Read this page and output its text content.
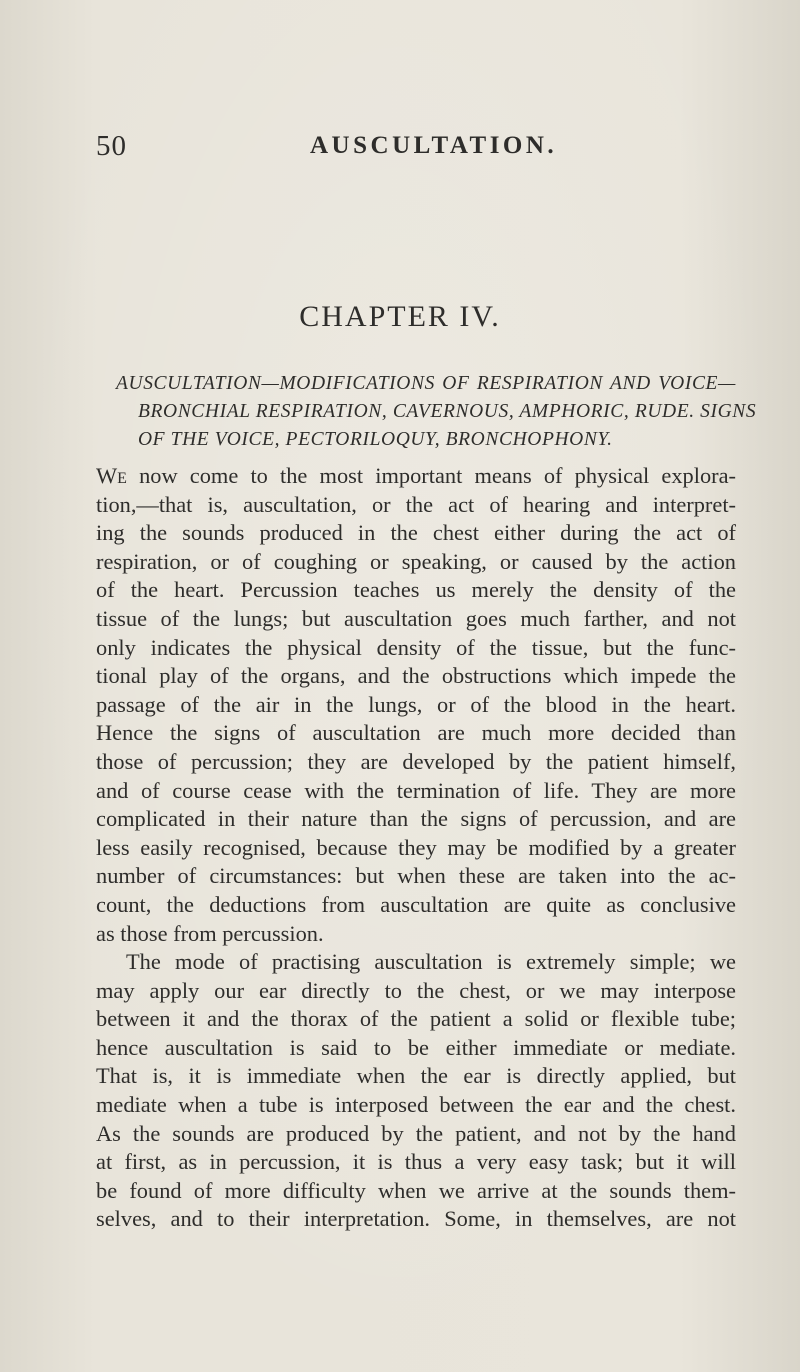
50	AUSCULTATION.
CHAPTER IV.
AUSCULTATION—MODIFICATIONS OF RESPIRATION AND VOICE—
BRONCHIAL RESPIRATION, CAVERNOUS, AMPHORIC, RUDE. SIGNS
OF THE VOICE, PECTORILOQUY, BRONCHOPHONY.
We now come to the most important means of physical explora-
tion,—that is, auscultation, or the act of hearing and interpret-
ing the sounds produced in the chest either during the act of
respiration, or of coughing or speaking, or caused by the action
of the heart. Percussion teaches us merely the density of the
tissue of the lungs; but auscultation goes much farther, and not
only indicates the physical density of the tissue, but the func-
tional play of the organs, and the obstructions which impede the
passage of the air in the lungs, or of the blood in the heart.
Hence the signs of auscultation are much more decided than
those of percussion; they are developed by the patient himself,
and of course cease with the termination of life. They are more
complicated in their nature than the signs of percussion, and are
less easily recognised, because they may be modified by a greater
number of circumstances: but when these are taken into the ac-
count, the deductions from auscultation are quite as conclusive
as those from percussion.
The mode of practising auscultation is extremely simple; we
may apply our ear directly to the chest, or we may interpose
between it and the thorax of the patient a solid or flexible tube;
hence auscultation is said to be either immediate or mediate.
That is, it is immediate when the ear is directly applied, but
mediate when a tube is interposed between the ear and the chest.
As the sounds are produced by the patient, and not by the hand
at first, as in percussion, it is thus a very easy task; but it will
be found of more difficulty when we arrive at the sounds them-
selves, and to their interpretation. Some, in themselves, are not
